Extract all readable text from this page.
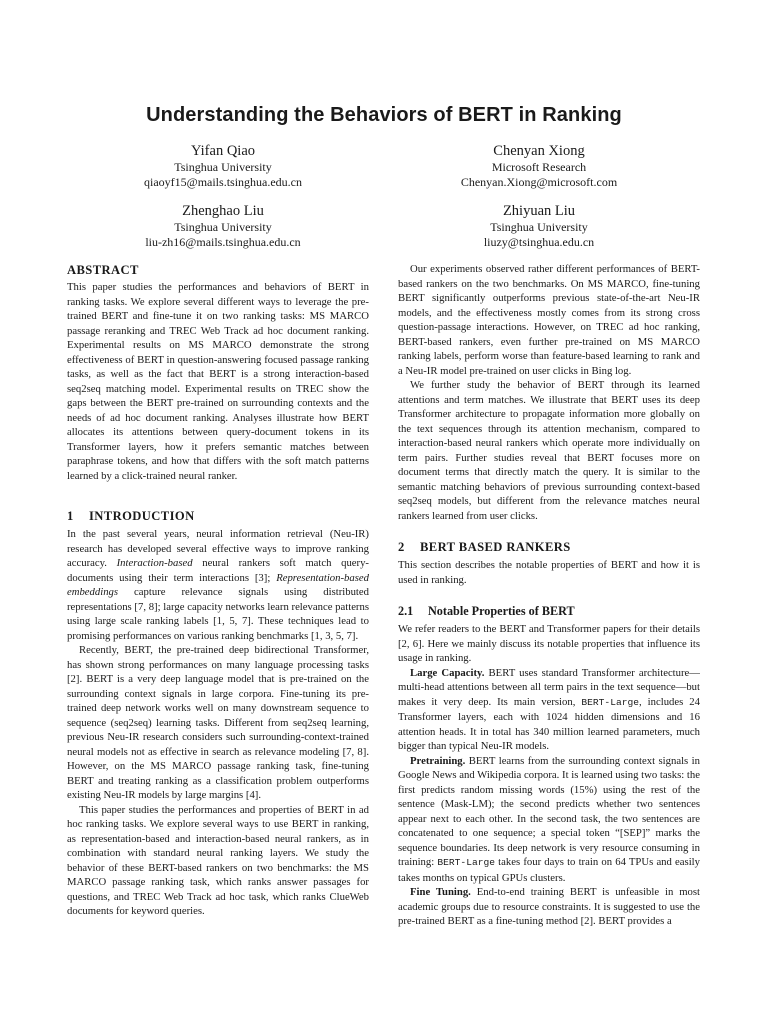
Understanding the Behaviors of BERT in Ranking
Yifan Qiao
Tsinghua University
qiaoyf15@mails.tsinghua.edu.cn
Chenyan Xiong
Microsoft Research
Chenyan.Xiong@microsoft.com
Zhenghao Liu
Tsinghua University
liu-zh16@mails.tsinghua.edu.cn
Zhiyuan Liu
Tsinghua University
liuzy@tsinghua.edu.cn
ABSTRACT

This paper studies the performances and behaviors of BERT in ranking tasks. We explore several different ways to leverage the pre-trained BERT and fine-tune it on two ranking tasks: MS MARCO passage reranking and TREC Web Track ad hoc document ranking. Experimental results on MS MARCO demonstrate the strong effectiveness of BERT in question-answering focused passage ranking tasks, as well as the fact that BERT is a strong interaction-based seq2seq matching model. Experimental results on TREC show the gaps between the BERT pre-trained on surrounding contexts and the needs of ad hoc document ranking. Analyses illustrate how BERT allocates its attentions between query-document tokens in its Transformer layers, how it prefers semantic matches between paraphrase tokens, and how that differs with the soft match patterns learned by a click-trained neural ranker.

1 INTRODUCTION

In the past several years, neural information retrieval (Neu-IR) research has developed several effective ways to improve ranking accuracy. Interaction-based neural rankers soft match query-documents using their term interactions [3]; Representation-based embeddings capture relevance signals using distributed representations [7, 8]; large capacity networks learn relevance patterns using large scale ranking labels [1, 5, 7]. These techniques lead to promising performances on various ranking benchmarks [1, 3, 5, 7].

Recently, BERT, the pre-trained deep bidirectional Transformer, has shown strong performances on many language processing tasks [2]. BERT is a very deep language model that is pre-trained on the surrounding context signals in large corpora. Fine-tuning its pre-trained deep network works well on many downstream sequence to sequence (seq2seq) learning tasks. Different from seq2seq learning, previous Neu-IR research considers such surrounding-context-trained neural models not as effective in search as relevance modeling [7, 8]. However, on the MS MARCO passage ranking task, fine-tuning BERT and treating ranking as a classification problem outperforms existing Neu-IR models by large margins [4].

This paper studies the performances and properties of BERT in ad hoc ranking tasks. We explore several ways to use BERT in ranking, as representation-based and interaction-based neural rankers, as in combination with standard neural ranking layers. We study the behavior of these BERT-based rankers on two benchmarks: the MS MARCO passage ranking task, which ranks answer passages for questions, and TREC Web Track ad hoc task, which ranks ClueWeb documents for keyword queries.

Our experiments observed rather different performances of BERT-based rankers on the two benchmarks. On MS MARCO, fine-tuning BERT significantly outperforms previous state-of-the-art Neu-IR models, and the effectiveness mostly comes from its strong cross question-passage interactions. However, on TREC ad hoc ranking, BERT-based rankers, even further pre-trained on MS MARCO ranking labels, perform worse than feature-based learning to rank and a Neu-IR model pre-trained on user clicks in Bing log.

We further study the behavior of BERT through its learned attentions and term matches. We illustrate that BERT uses its deep Transformer architecture to propagate information more globally on the text sequences through its attention mechanism, compared to interaction-based neural rankers which operate more individually on term pairs. Further studies reveal that BERT focuses more on document terms that directly match the query. It is similar to the semantic matching behaviors of previous surrounding context-based seq2seq models, but different from the relevance matches neural rankers learned from user clicks.

2 BERT BASED RANKERS

This section describes the notable properties of BERT and how it is used in ranking.

2.1 Notable Properties of BERT

We refer readers to the BERT and Transformer papers for their details [2, 6]. Here we mainly discuss its notable properties that influence its usage in ranking.

Large Capacity. BERT uses standard Transformer architecture—multi-head attentions between all term pairs in the text sequence—but makes it very deep. Its main version, BERT-Large, includes 24 Transformer layers, each with 1024 hidden dimensions and 16 attention heads. It in total has 340 million learned parameters, much bigger than typical Neu-IR models.

Pretraining. BERT learns from the surrounding context signals in Google News and Wikipedia corpora. It is learned using two tasks: the first predicts random missing words (15%) using the rest of the sentence (Mask-LM); the second predicts whether two sentences appear next to each other. In the second task, the two sentences are concatenated to one sequence; a special token “[SEP]” marks the sequence boundaries. Its deep network is very resource consuming in training: BERT-Large takes four days to train on 64 TPUs and easily takes months on typical GPUs clusters.

Fine Tuning. End-to-end training BERT is unfeasible in most academic groups due to resource constraints. It is suggested to use the pre-trained BERT as a fine-tuning method [2]. BERT provides a
